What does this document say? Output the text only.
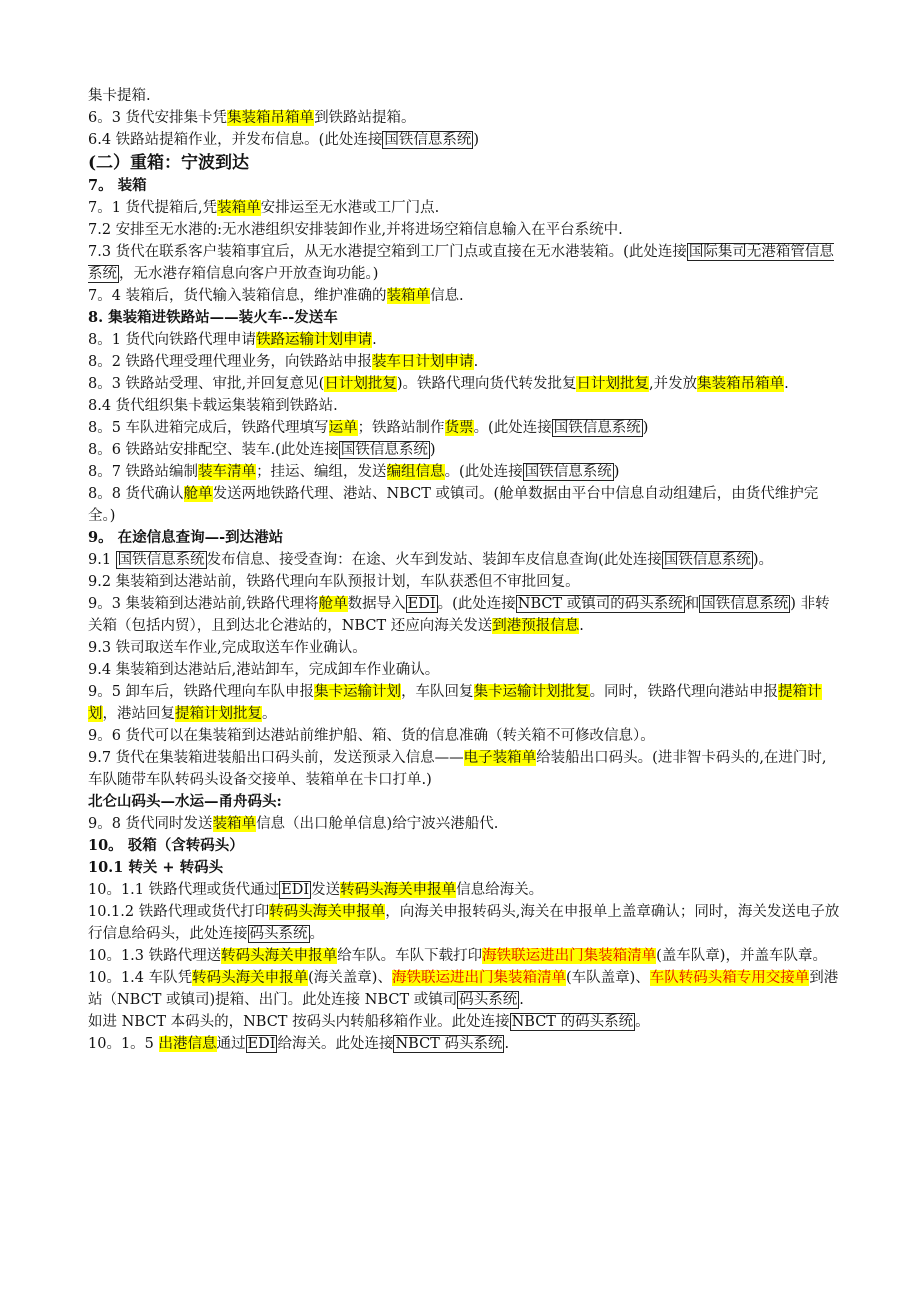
集卡提箱.

6。3 货代安排集卡凭集装箱吊箱单到铁路站提箱。

6.4 铁路站提箱作业，并发布信息。(此处连接 国铁信息系统 )

(二）重箱：宁波到达

7。 装箱

7。1 货代提箱后,凭装箱单安排运至无水港或工厂门点.

7.2 安排至无水港的:无水港组织安排装卸作业,并将进场空箱信息输入在平台系统中.

7.3 货代在联系客户装箱事宜后，从无水港提空箱到工厂门点或直接在无水港装箱。(此处连接 国际集司无港箱管信息系统 ，无水港存箱信息向客户开放查询功能。)

7。4 装箱后，货代输入装箱信息，维护准确的装箱单信息.

8. 集装箱进铁路站——装火车--发送车

8。1 货代向铁路代理申请铁路运输计划申请.

8。2 铁路代理受理代理业务，向铁路站申报装车日计划申请.

8。3 铁路站受理、审批,并回复意见(日计划批复)。铁路代理向货代转发批复日计划批复,并发放集装箱吊箱单.

8.4 货代组织集卡载运集装箱到铁路站.

8。5 车队进箱完成后，铁路代理填写运单；铁路站制作货票。(此处连接 国铁信息系统 )

8。6 铁路站安排配空、装车.(此处连接 国铁信息系统 )

8。7 铁路站编制装车清单；挂运、编组，发送编组信息。(此处连接 国铁信息系统 )

8。8 货代确认舱单发送两地铁路代理、港站、NBCT 或镇司。(舱单数据由平台中信息自动组建后，由货代维护完全。)

9。 在途信息查询—-到达港站

9.1 国铁信息系统 发布信息、接受查询：在途、火车到发站、装卸车皮信息查询(此处连接 国铁信息系统 )。

9.2 集装箱到达港站前，铁路代理向车队预报计划，车队获悉但不审批回复。

9。3 集装箱到达港站前,铁路代理将舱单数据导入 EDI 。(此处连接 NBCT 或镇司的码头系统 和 国铁信息系统 ) 非转关箱（包括内贸），且到达北仑港站的，NBCT 还应向海关发送到港预报信息.

9.3 铁司取送车作业,完成取送车作业确认。

9.4 集装箱到达港站后,港站卸车，完成卸车作业确认。

9。5 卸车后，铁路代理向车队申报集卡运输计划，车队回复集卡运输计划批复。同时，铁路代理向港站申报提箱计划，港站回复提箱计划批复。

9。6 货代可以在集装箱到达港站前维护船、箱、货的信息准确（转关箱不可修改信息）。

9.7 货代在集装箱进装船出口码头前，发送预录入信息——电子装箱单给装船出口码头。(进非智卡码头的,在进门时,车队随带车队转码头设备交接单、装箱单在卡口打单.)

北仑山码头—水运—甬舟码头:

9。8 货代同时发送装箱单信息（出口舱单信息)给宁波兴港船代.

10。 驳箱（含转码头）

10.1 转关 + 转码头

10。1.1 铁路代理或货代通过 EDI 发送转码头海关申报单信息给海关。

10.1.2 铁路代理或货代打印转码头海关申报单，向海关申报转码头,海关在申报单上盖章确认；同时，海关发送电子放行信息给码头，此处连接 码头系统 。

10。1.3 铁路代理送转码头海关申报单给车队。车队下载打印海铁联运进出门集装箱清单(盖车队章)，并盖车队章。

10。1.4 车队凭转码头海关申报单(海关盖章)、海铁联运进出门集装箱清单(车队盖章)、车队转码头箱专用交接单到港站（NBCT 或镇司)提箱、出门。此处连接 NBCT 或镇司 码头系统 .

如进 NBCT 本码头的，NBCT 按码头内转船移箱作业。此处连接 NBCT 的码头系统 。

10。1。5 出港信息通过 EDI 给海关。此处连接 NBCT 码头系统 .
